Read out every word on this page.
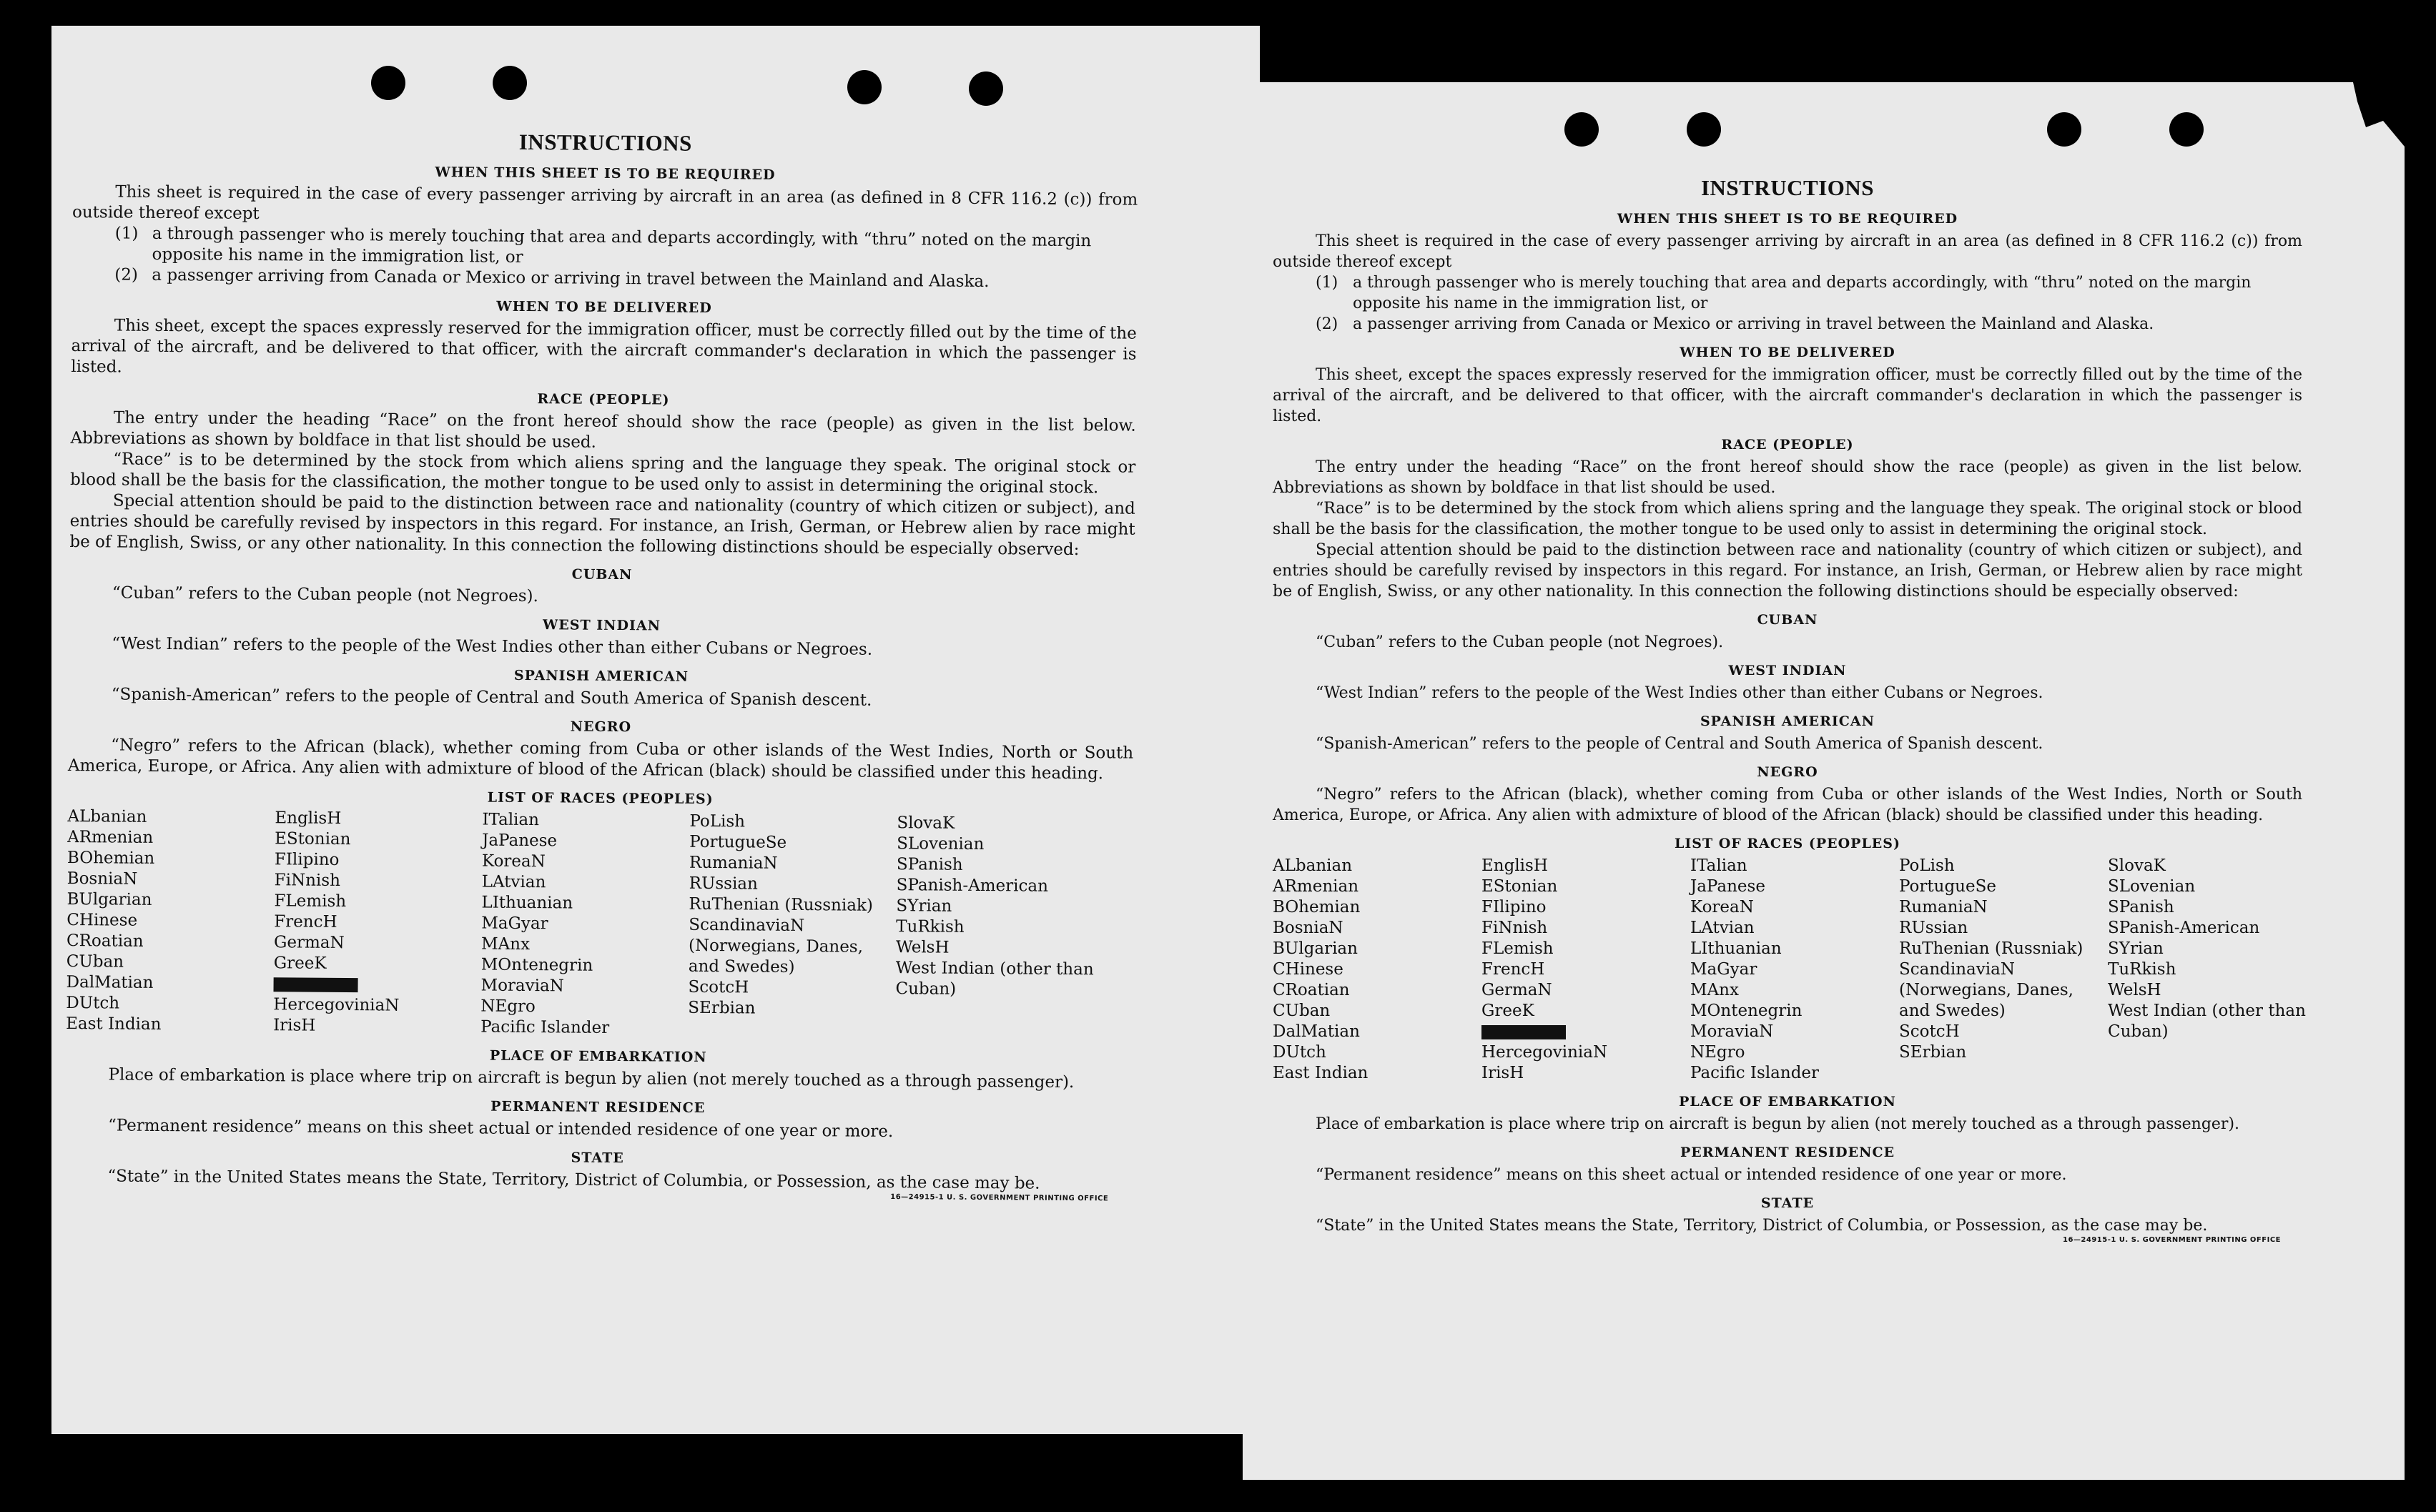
INSTRUCTIONS
WHEN THIS SHEET IS TO BE REQUIRED

This sheet is required in the case of every passenger arriving by aircraft in an area (as defined in 8 CFR 116.2 (c)) from outside thereof except

(1) a through passenger who is merely touching that area and departs accordingly, with “thru” noted on the margin opposite his name in the immigration list, or
(2) a passenger arriving from Canada or Mexico or arriving in travel between the Mainland and Alaska.
WHEN TO BE DELIVERED

This sheet, except the spaces expressly reserved for the immigration officer, must be correctly filled out by the time of the arrival of the aircraft, and be delivered to that officer, with the aircraft commander's declaration in which the passenger is listed.

RACE (PEOPLE)

The entry under the heading “Race” on the front hereof should show the race (people) as given in the list below. Abbreviations as shown by boldface in that list should be used.

“Race” is to be determined by the stock from which aliens spring and the language they speak. The original stock or blood shall be the basis for the classification, the mother tongue to be used only to assist in determining the original stock.

Special attention should be paid to the distinction between race and nationality (country of which citizen or subject), and entries should be carefully revised by inspectors in this regard. For instance, an Irish, German, or Hebrew alien by race might be of English, Swiss, or any other nationality. In this connection the following distinctions should be especially observed:

CUBAN

“Cuban” refers to the Cuban people (not Negroes).

WEST INDIAN

“West Indian” refers to the people of the West Indies other than either Cubans or Negroes.

SPANISH AMERICAN

“Spanish-American” refers to the people of Central and South America of Spanish descent.

NEGRO

“Negro” refers to the African (black), whether coming from Cuba or other islands of the West Indies, North or South America, Europe, or Africa. Any alien with admixture of blood of the African (black) should be classified under this heading.

LIST OF RACES (PEOPLES)
ALbanian
ARmenian
BOhemian
BosniaN
BUlgarian
CHinese
CRoatian
CUban
DalMatian
DUtch
East Indian
EnglisH
EStonian
FIlipino
FiNnish
FLemish
FrencH
GermaN
GreeK

HercegoviniaN
IrisH
ITalian
JaPanese
KoreaN
LAtvian
LIthuanian
MaGyar
MAnx
MOntenegrin
MoraviaN
NEgro
Pacific Islander
PoLish
PortugueSe
RumaniaN
RUssian
RuThenian (Russniak)
ScandinaviaN (Norwegians, Danes, and Swedes)
ScotcH
SErbian
SlovaK
SLovenian
SPanish
SPanish-American
SYrian
TuRkish
WelsH
West Indian (other than Cuban)
PLACE OF EMBARKATION

Place of embarkation is place where trip on aircraft is begun by alien (not merely touched as a through passenger).

PERMANENT RESIDENCE

“Permanent residence” means on this sheet actual or intended residence of one year or more.

STATE

“State” in the United States means the State, Territory, District of Columbia, or Possession, as the case may be.

16—24915-1 U. S. GOVERNMENT PRINTING OFFICE
INSTRUCTIONS
WHEN THIS SHEET IS TO BE REQUIRED

This sheet is required in the case of every passenger arriving by aircraft in an area (as defined in 8 CFR 116.2 (c)) from outside thereof except

(1) a through passenger who is merely touching that area and departs accordingly, with “thru” noted on the margin opposite his name in the immigration list, or
(2) a passenger arriving from Canada or Mexico or arriving in travel between the Mainland and Alaska.
WHEN TO BE DELIVERED

This sheet, except the spaces expressly reserved for the immigration officer, must be correctly filled out by the time of the arrival of the aircraft, and be delivered to that officer, with the aircraft commander's declaration in which the passenger is listed.

RACE (PEOPLE)

The entry under the heading “Race” on the front hereof should show the race (people) as given in the list below. Abbreviations as shown by boldface in that list should be used.

“Race” is to be determined by the stock from which aliens spring and the language they speak. The original stock or blood shall be the basis for the classification, the mother tongue to be used only to assist in determining the original stock.

Special attention should be paid to the distinction between race and nationality (country of which citizen or subject), and entries should be carefully revised by inspectors in this regard. For instance, an Irish, German, or Hebrew alien by race might be of English, Swiss, or any other nationality. In this connection the following distinctions should be especially observed:

CUBAN

“Cuban” refers to the Cuban people (not Negroes).

WEST INDIAN

“West Indian” refers to the people of the West Indies other than either Cubans or Negroes.

SPANISH AMERICAN

“Spanish-American” refers to the people of Central and South America of Spanish descent.

NEGRO

“Negro” refers to the African (black), whether coming from Cuba or other islands of the West Indies, North or South America, Europe, or Africa. Any alien with admixture of blood of the African (black) should be classified under this heading.

LIST OF RACES (PEOPLES)
ALbanian
ARmenian
BOhemian
BosniaN
BUlgarian
CHinese
CRoatian
CUban
DalMatian
DUtch
East Indian
EnglisH
EStonian
FIlipino
FiNnish
FLemish
FrencH
GermaN
GreeK

HercegoviniaN
IrisH
ITalian
JaPanese
KoreaN
LAtvian
LIthuanian
MaGyar
MAnx
MOntenegrin
MoraviaN
NEgro
Pacific Islander
PoLish
PortugueSe
RumaniaN
RUssian
RuThenian (Russniak)
ScandinaviaN (Norwegians, Danes, and Swedes)
ScotcH
SErbian
SlovaK
SLovenian
SPanish
SPanish-American
SYrian
TuRkish
WelsH
West Indian (other than Cuban)
PLACE OF EMBARKATION

Place of embarkation is place where trip on aircraft is begun by alien (not merely touched as a through passenger).

PERMANENT RESIDENCE

“Permanent residence” means on this sheet actual or intended residence of one year or more.

STATE

“State” in the United States means the State, Territory, District of Columbia, or Possession, as the case may be.

16—24915-1 U. S. GOVERNMENT PRINTING OFFICE
